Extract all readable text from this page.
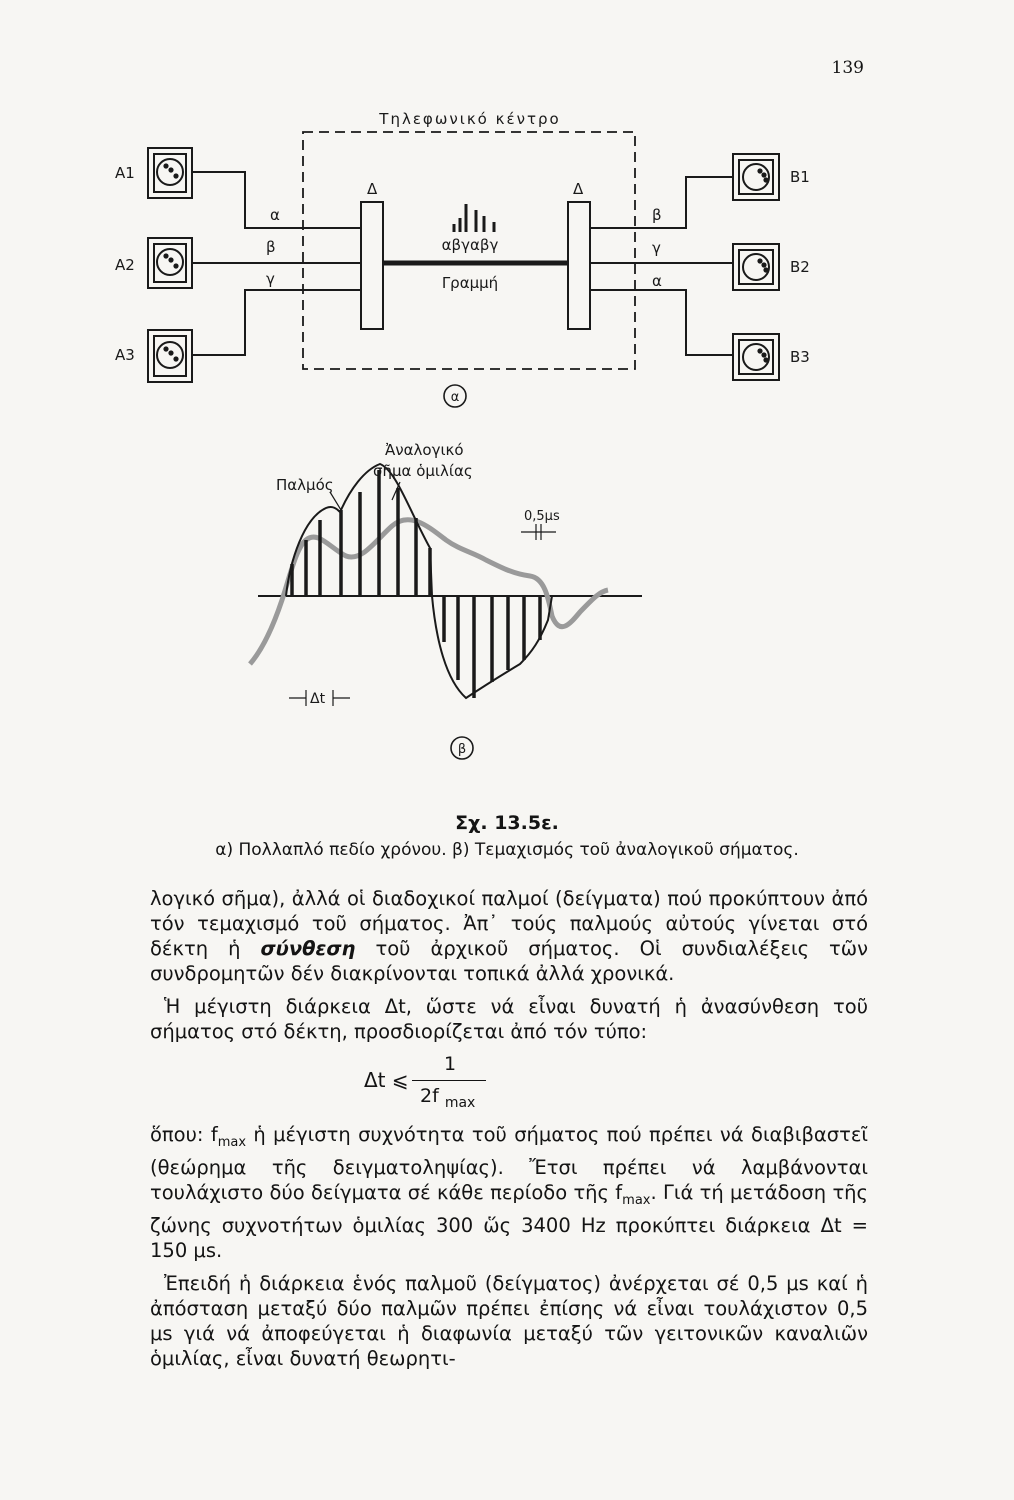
139
Τηλεφωνικό κέντρο
A1
A2
A3
B1
B2
B3
α
β
γ
β
γ
α
Δ	Δ
αβγαβγ
Γραμμή
α
Παλμός
Ἀναλογικό
σῆμα ὁμιλίας
0,5μs
Δt
β
Σχ. 13.5ε.
α) Πολλαπλό πεδίο χρόνου. β) Τεμαχισμός τοῦ ἀναλογικοῦ σήματος.

λογικό σῆμα), ἀλλά οἱ διαδοχικοί παλμοί (δείγματα) πού προκύπτουν ἀπό τόν τεμαχισμό τοῦ σήματος. Ἀπ᾽ τούς παλμούς αὐτούς γίνεται στό δέκτη ἡ σύνθεση τοῦ ἀρχικοῦ σήματος. Οἱ συνδιαλέξεις τῶν συνδρομητῶν δέν διακρίνονται τοπικά ἀλλά χρονικά.

Ἡ μέγιστη διάρκεια Δt, ὥστε νά εἶναι δυνατή ἡ ἀνασύνθεση τοῦ σήματος στό δέκτη, προσδιορίζεται ἀπό τόν τύπο:

Δt ⩽
1
2f $_{max}$

ὅπου: $f_{max}$ ἡ μέγιστη συχνότητα τοῦ σήματος πού πρέπει νά διαβιβαστεῖ (θεώρημα τῆς δειγματοληψίας). Ἔτσι πρέπει νά λαμβάνονται τουλάχιστο δύο δείγματα σέ κάθε περίοδο τῆς $f_{max}$. Γιά τή μετάδοση τῆς ζώνης συχνοτήτων ὁμιλίας 300 ὥς 3400 Hz προκύπτει διάρκεια Δt = 150 μs.

Ἐπειδή ἡ διάρκεια ἑνός παλμοῦ (δείγματος) ἀνέρχεται σέ 0,5 μs καί ἡ ἀπόσταση μεταξύ δύο παλμῶν πρέπει ἐπίσης νά εἶναι τουλάχιστον 0,5 μs γιά νά ἀποφεύγεται ἡ διαφωνία μεταξύ τῶν γειτονικῶν καναλιῶν ὁμιλίας, εἶναι δυνατή θεωρητι-
